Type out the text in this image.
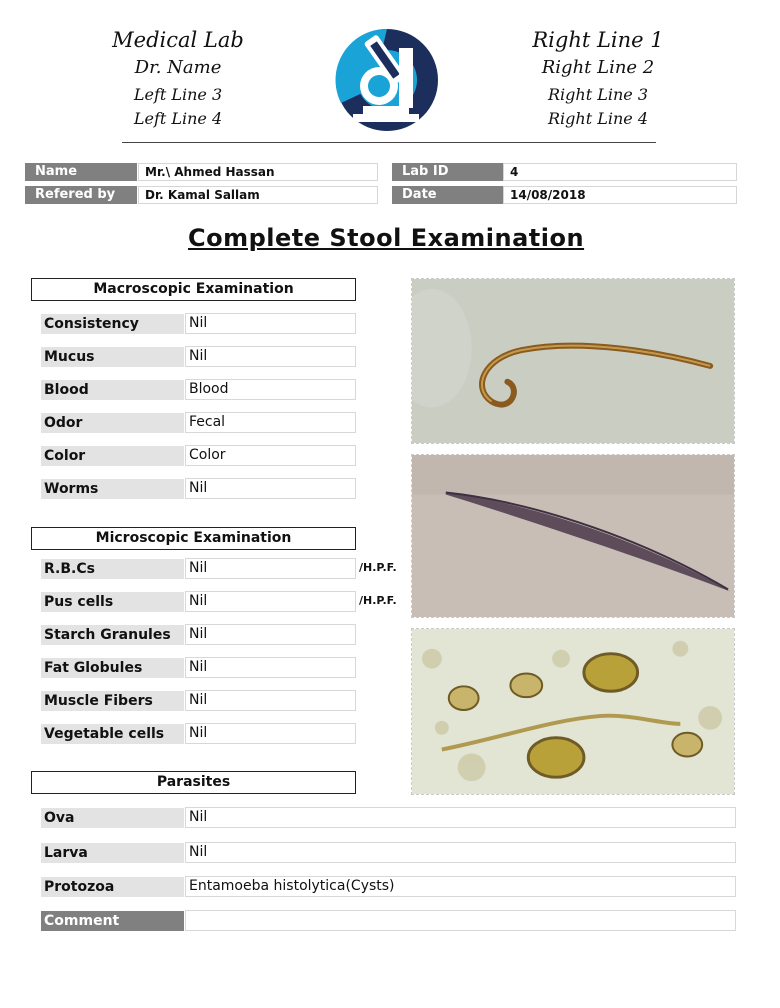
Medical Lab
Dr. Name
Left Line 3
Left Line 4
Right Line 1
Right Line 2
Right Line 3
Right Line 4
Name	Mr.\ Ahmed Hassan
Refered by	Dr. Kamal Sallam
Lab ID	4
Date	14/08/2018
Complete Stool Examination
Macroscopic Examination
Consistency	Nil
Mucus	Nil
Blood	Blood
Odor	Fecal
Color	Color
Worms	Nil
Microscopic Examination
R.B.Cs	Nil	/H.P.F.
Pus cells	Nil	/H.P.F.
Starch Granules	Nil
Fat Globules	Nil
Muscle Fibers	Nil
Vegetable cells	Nil
Parasites
Ova	Nil
Larva	Nil
Protozoa	Entamoeba histolytica(Cysts)
Comment
